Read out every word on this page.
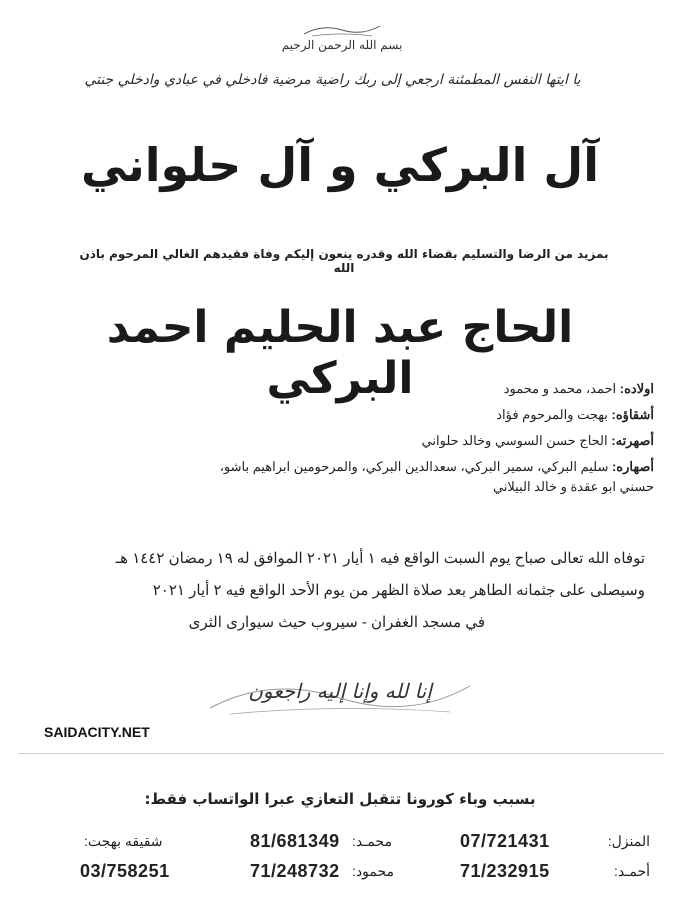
بسم الله الرحمن الرحيم
يا ايتها النفس المطمئنة ارجعي إلى ربك راضية مرضية فادخلي في عبادي وادخلي جنتي
آل البركي و آل حلواني
بمزيد من الرضا والتسليم بقضاء الله وقدره ينعون إليكم وفاة فقيدهم الغالي المرحوم باذن الله
الحاج عبد الحليم احمد البركي	اولاده: احمد، محمد و محمود
أشقاؤه: بهجت والمرحوم فؤاد
أصهرته: الحاج حسن السوسي وخالد حلواني
أصهاره: سليم البركي، سمير البركي، سعدالدين البركي، والمرحومين ابراهيم باشو،
حسني ابو عقدة و خالد البيلاني
توفاه الله تعالى صباح يوم السبت الواقع فيه ١ أيار ٢٠٢١ الموافق له ١٩ رمضان ١٤٤٢ هـ
وسيصلى على جثمانه الطاهر بعد صلاة الظهر من يوم الأحد الواقع فيه ٢ أيار ٢٠٢١
في مسجد الغفران - سيروب حيث سيوارى الثرى
إنا لله وإنا إليه راجعون
SAIDACITY.NET
بسبب وباء كورونا تتقبل التعازي عبرا الواتساب فقط:
المنزل:
07/721431
أحمـد:
71/232915
محمـد:
81/681349
محمود:
71/248732
شقيقه بهجت:
03/758251
